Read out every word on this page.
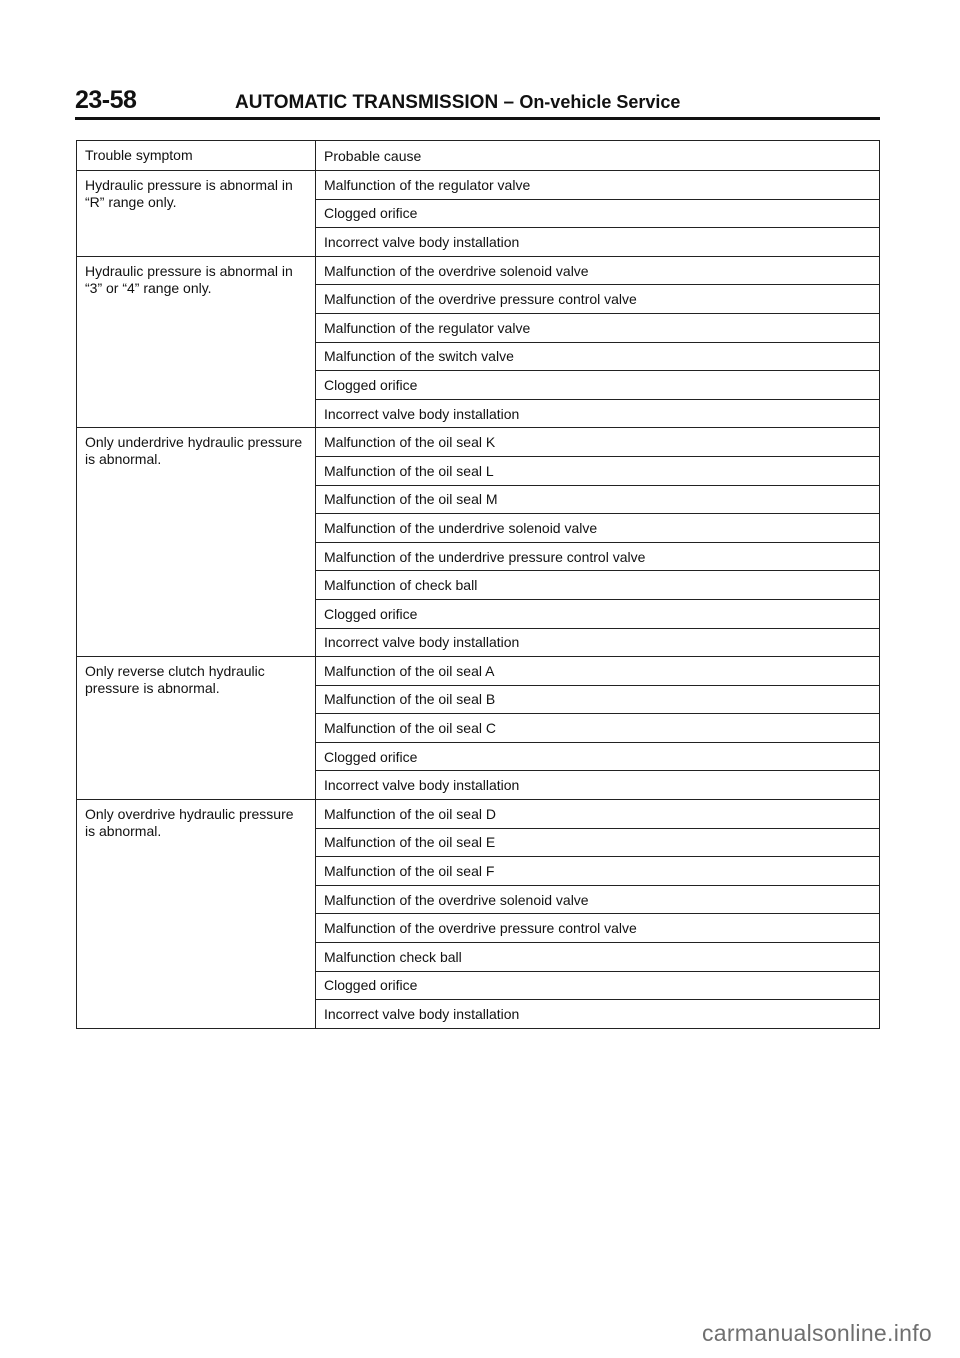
23-58	AUTOMATIC TRANSMISSION – On-vehicle Service
Trouble symptom	Probable cause
Hydraulic pressure is abnormal in “R” range only.	Malfunction of the regulator valve
	Clogged orifice
	Incorrect valve body installation
Hydraulic pressure is abnormal in “3” or “4” range only.	Malfunction of the overdrive solenoid valve
	Malfunction of the overdrive pressure control valve
	Malfunction of the regulator valve
	Malfunction of the switch valve
	Clogged orifice
	Incorrect valve body installation
Only underdrive hydraulic pressure is abnormal.	Malfunction of the oil seal K
	Malfunction of the oil seal L
	Malfunction of the oil seal M
	Malfunction of the underdrive solenoid valve
	Malfunction of the underdrive pressure control valve
	Malfunction of check ball
	Clogged orifice
	Incorrect valve body installation
Only reverse clutch hydraulic pressure is abnormal.	Malfunction of the oil seal A
	Malfunction of the oil seal B
	Malfunction of the oil seal C
	Clogged orifice
	Incorrect valve body installation
Only overdrive hydraulic pressure is abnormal.	Malfunction of the oil seal D
	Malfunction of the oil seal E
	Malfunction of the oil seal F
	Malfunction of the overdrive solenoid valve
	Malfunction of the overdrive pressure control valve
	Malfunction check ball
	Clogged orifice
	Incorrect valve body installation
carmanualsonline.info
